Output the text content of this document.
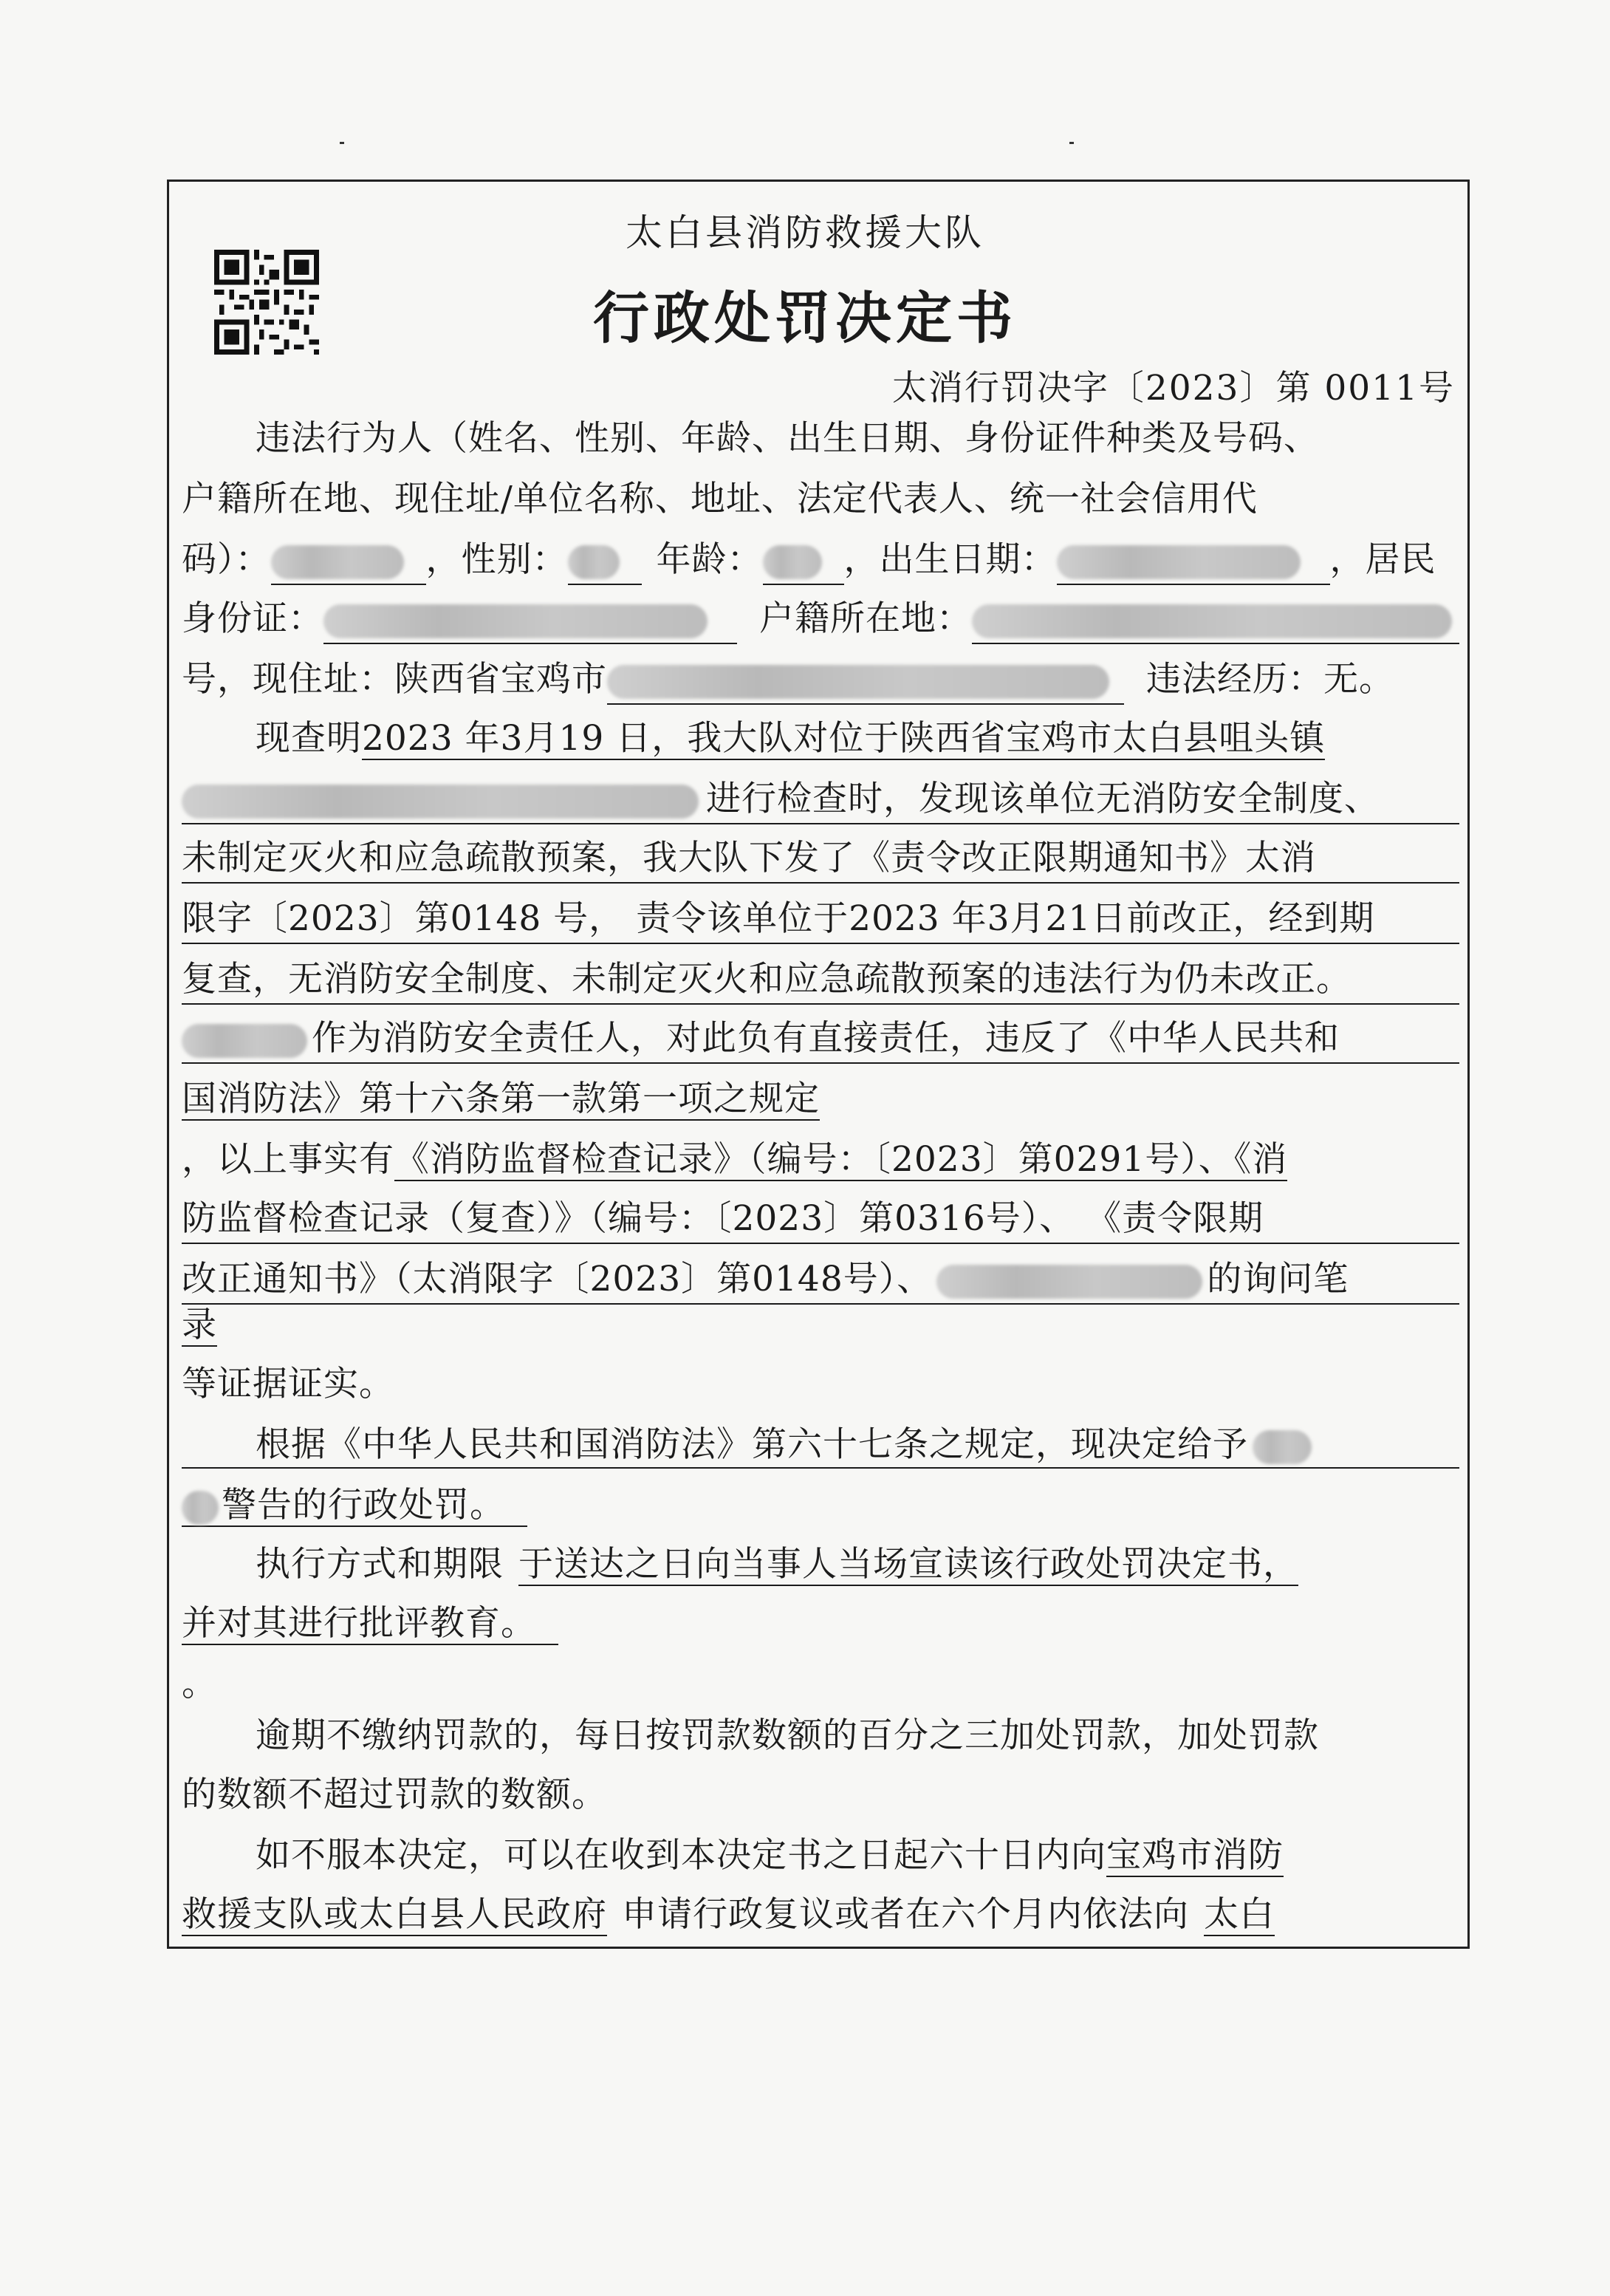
太白县消防救援大队
行政处罚决定书
太消行罚决字〔2023〕第 0011号
违法行为人（姓名、性别、年龄、出生日期、身份证件种类及号码、
户籍所在地、现住址/单位名称、地址、法定代表人、统一社会信用代
码）：	，性别：	年龄： ，出生日期：	，居民
身份证：	户籍所在地：
号，现住址：陕西省宝鸡市	违法经历：无。
现查明2023 年3月19 日，我大队对位于陕西省宝鸡市太白县咀头镇
进行检查时，发现该单位无消防安全制度、
未制定灭火和应急疏散预案，我大队下发了《责令改正限期通知书》太消
限字〔2023〕第0148 号， 责令该单位于2023 年3月21日前改正，经到期
复查，无消防安全制度、未制定灭火和应急疏散预案的违法行为仍未改正。
作为消防安全责任人，对此负有直接责任，违反了《中华人民共和
国消防法》第十六条第一款第一项之规定
，以上事实有《消防监督检查记录》（编号：〔2023〕第0291号）、《消
防监督检查记录（复查）》（编号：〔2023〕第0316号）、 《责令限期
改正通知书》（太消限字〔2023〕第0148号）、	的询问笔
录
等证据证实。
根据《中华人民共和国消防法》第六十七条之规定，现决定给予
警告的行政处罚。
执行方式和期限 于送达之日向当事人当场宣读该行政处罚决定书，
并对其进行批评教育。
。
逾期不缴纳罚款的，每日按罚款数额的百分之三加处罚款，加处罚款
的数额不超过罚款的数额。
如不服本决定，可以在收到本决定书之日起六十日内向宝鸡市消防
救援支队或太白县人民政府 申请行政复议或者在六个月内依法向 太白
